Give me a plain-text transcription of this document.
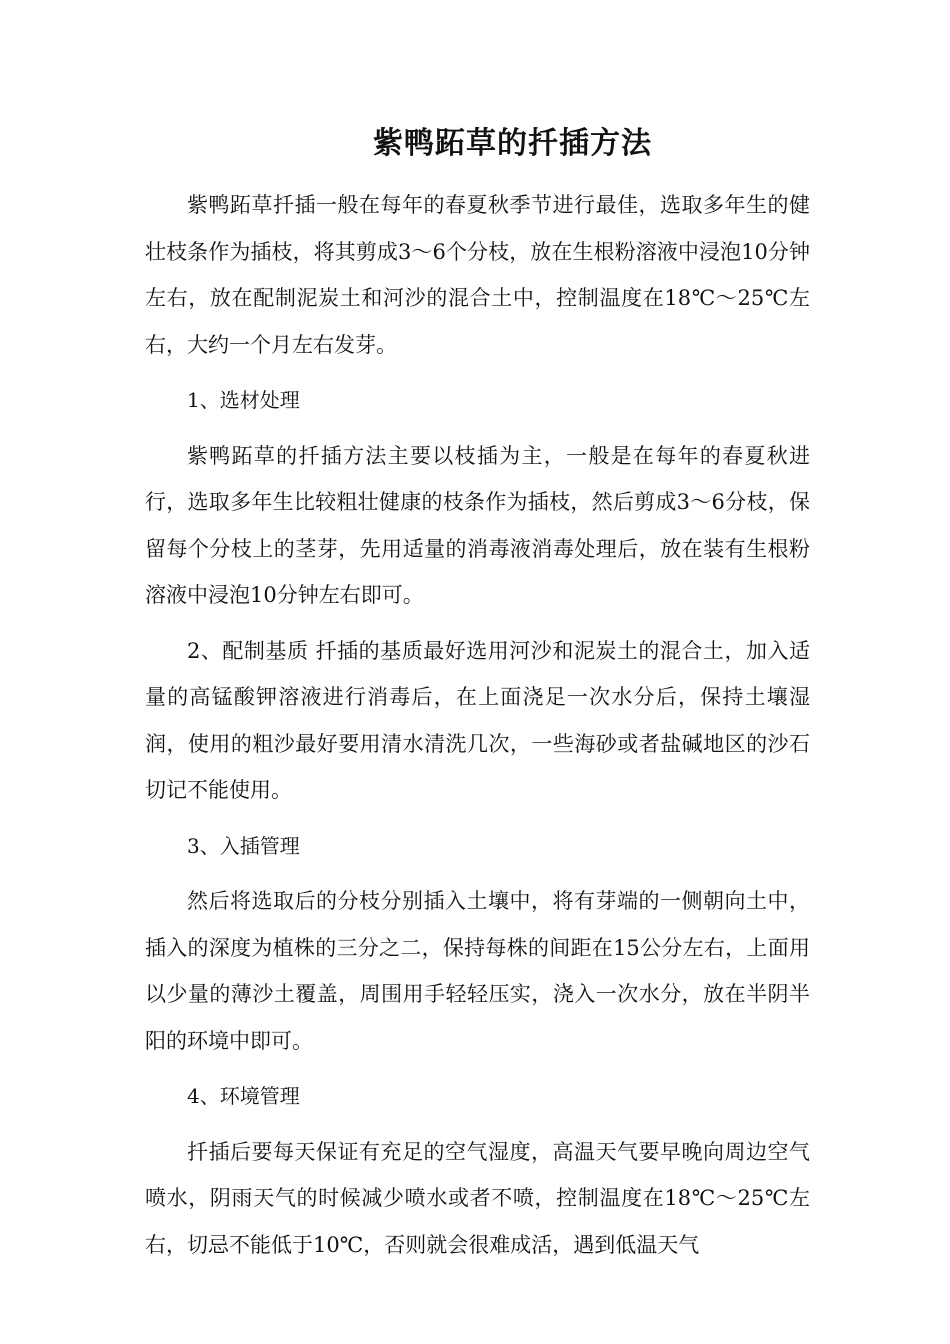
紫鸭跖草的扦插方法

紫鸭跖草扦插一般在每年的春夏秋季节进行最佳，选取多年生的健壮枝条作为插枝，将其剪成3～6个分枝，放在生根粉溶液中浸泡10分钟左右，放在配制泥炭土和河沙的混合土中，控制温度在18℃～25℃左右，大约一个月左右发芽。

1、选材处理

紫鸭跖草的扦插方法主要以枝插为主，一般是在每年的春夏秋进行，选取多年生比较粗壮健康的枝条作为插枝，然后剪成3～6分枝，保留每个分枝上的茎芽，先用适量的消毒液消毒处理后，放在装有生根粉溶液中浸泡10分钟左右即可。

2、配制基质 扦插的基质最好选用河沙和泥炭土的混合土，加入适量的高锰酸钾溶液进行消毒后，在上面浇足一次水分后，保持土壤湿润，使用的粗沙最好要用清水清洗几次，一些海砂或者盐碱地区的沙石切记不能使用。

3、入插管理

然后将选取后的分枝分别插入土壤中，将有芽端的一侧朝向土中，插入的深度为植株的三分之二，保持每株的间距在15公分左右，上面用以少量的薄沙土覆盖，周围用手轻轻压实，浇入一次水分，放在半阴半阳的环境中即可。

4、环境管理

扦插后要每天保证有充足的空气湿度，高温天气要早晚向周边空气喷水，阴雨天气的时候减少喷水或者不喷，控制温度在18℃～25℃左右，切忌不能低于10℃，否则就会很难成活，遇到低温天气
